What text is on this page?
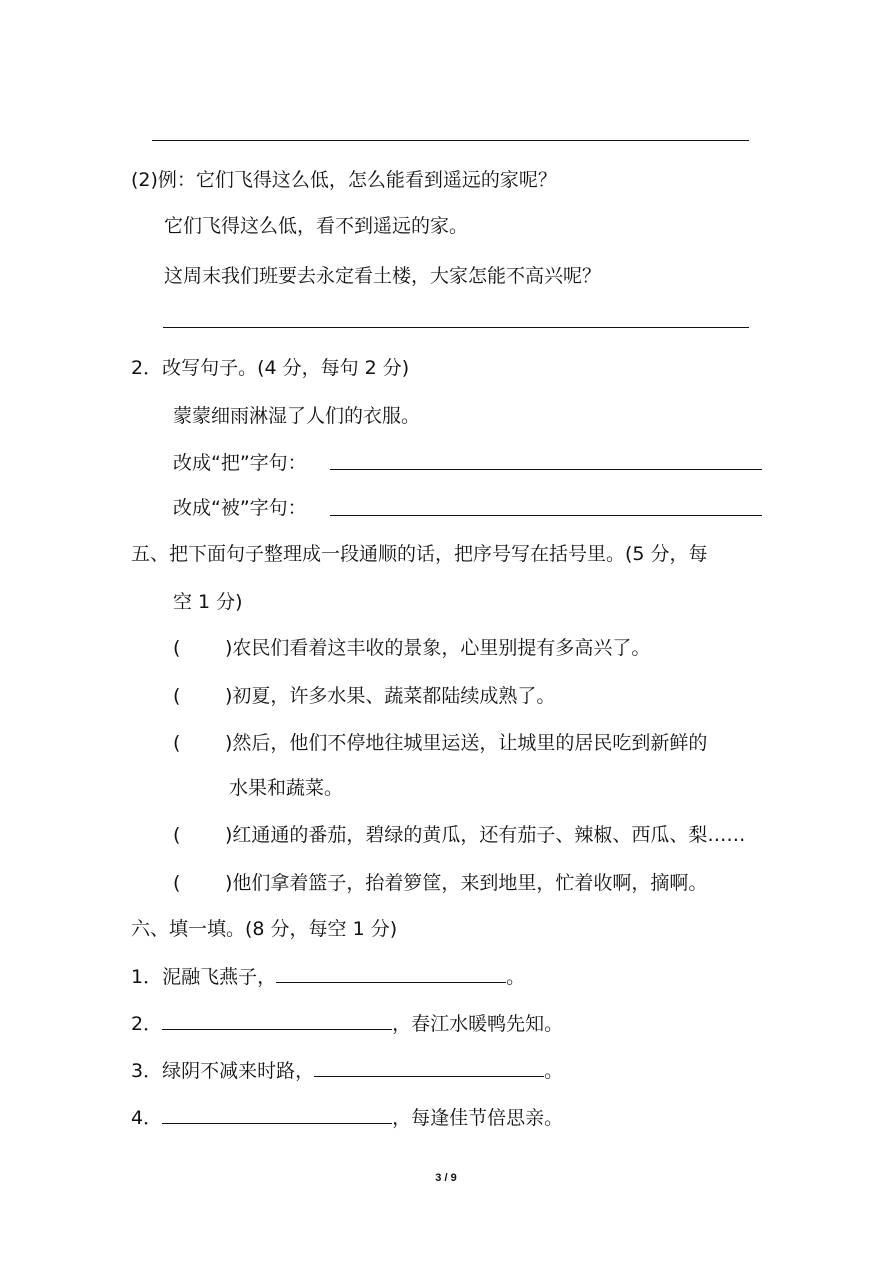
(2)例：它们飞得这么低，怎么能看到遥远的家呢？
它们飞得这么低，看不到遥远的家。
这周末我们班要去永定看土楼，大家怎能不高兴呢？
2．改写句子。(4 分，每句 2 分)
蒙蒙细雨淋湿了人们的衣服。
改成“把”字句：
改成“被”字句：
五、把下面句子整理成一段通顺的话，把序号写在括号里。(5 分，每
空 1 分)
( )农民们看着这丰收的景象，心里别提有多高兴了。
( )初夏，许多水果、蔬菜都陆续成熟了。
( )然后，他们不停地往城里运送，让城里的居民吃到新鲜的
水果和蔬菜。
( )红通通的番茄，碧绿的黄瓜，还有茄子、辣椒、西瓜、梨……
( )他们拿着篮子，抬着箩筐，来到地里，忙着收啊，摘啊。
六、填一填。(8 分，每空 1 分)
1．泥融飞燕子，	。
2．	，春江水暖鸭先知。
3．绿阴不减来时路，	。
4．	，每逢佳节倍思亲。
3 / 9
